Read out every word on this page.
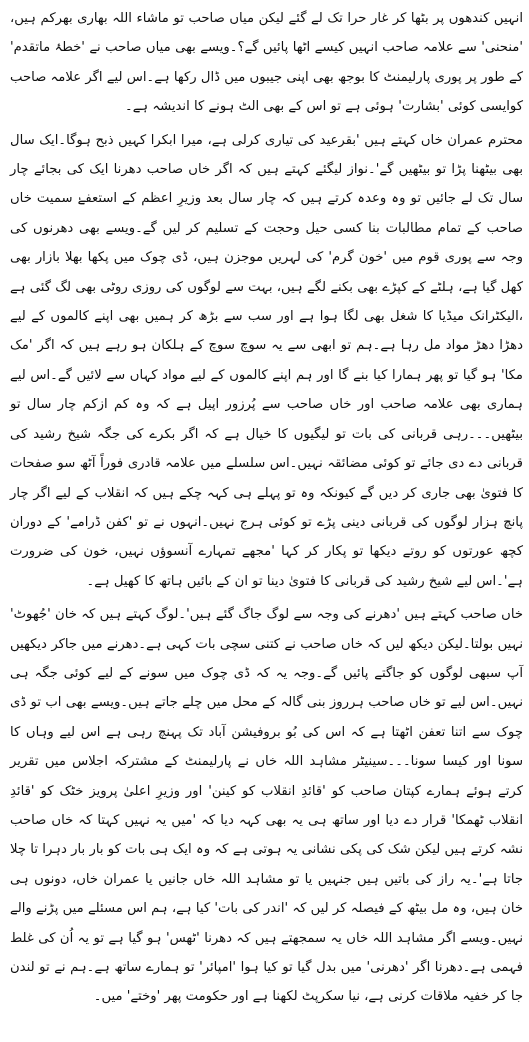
انہیں کندھوں پر بٹھا کر غار حرا تک لے گئے لیکن میاں صاحب تو ماشاء اللہ بھاری بھرکم ہیں، 'منحنی' سے علامہ صاحب انہیں کیسے اٹھا پائیں گے؟۔ویسے بھی میاں صاحب نے 'خطۂ ماتقدم' کے طور پر پوری پارلیمنٹ کا بوجھ بھی اپنی جیبوں میں ڈال رکھا ہے۔اس لیے اگر علامہ صاحب کوایسی کوئی 'بشارت' ہوئی ہے تو اس کے بھی الٹ ہونے کا اندیشہ ہے۔

محترم عمران خاں کہتے ہیں 'بقرعید کی تیاری کرلی ہے، میرا ابکرا کہیں ذبح ہوگا۔ایک سال بھی بیٹھنا پڑا تو بیٹھیں گے'۔نواز لیگئے کہتے ہیں کہ اگر خاں صاحب دھرنا ایک کی بجائے چار سال تک لے جائیں تو وہ وعدہ کرتے ہیں کہ چار سال بعد وزیرِ اعظم کے استعفےٰ سمیت خاں صاحب کے تمام مطالبات بنا کسی حیل وحجت کے تسلیم کر لیں گے۔ویسے بھی دھرنوں کی وجہ سے پوری قوم میں 'خون گرم' کی لہریں موجزن ہیں، ڈی چوک میں پکھا بھلا بازار بھی کھل گیا ہے، ہلٹے کے کپڑے بھی بکنے لگے ہیں، بہت سے لوگوں کی روزی روٹی بھی لگ گئی ہے ،الیکٹرانک میڈیا کا شغل بھی لگا ہوا ہے اور سب سے بڑھ کر ہمیں بھی اپنے کالموں کے لیے دھڑا دھڑ مواد مل رہا ہے۔ہم تو ابھی سے یہ سوچ سوچ کے ہلکان ہو رہے ہیں کہ اگر 'مک مکا' ہو گیا تو پھر ہمارا کیا بنے گا اور ہم اپنے کالموں کے لیے مواد کہاں سے لائیں گے۔اس لیے ہماری بھی علامہ صاحب اور خاں صاحب سے پُرزور اپیل ہے کہ وہ کم ازکم چار سال تو بیٹھیں۔۔۔رہی قربانی کی بات تو لیگیوں کا خیال ہے کہ اگر بکرے کی جگہ شیخ رشید کی قربانی دے دی جائے تو کوئی مضائقہ نہیں۔اس سلسلے میں علامہ قادری فوراً آٹھ سو صفحات کا فتویٰ بھی جاری کر دیں گے کیونکہ وہ تو پہلے ہی کہہ چکے ہیں کہ انقلاب کے لیے اگر چار پانچ ہزار لوگوں کی قربانی دینی پڑے تو کوئی ہرج نہیں۔انہوں نے تو 'کفن ڈرامے' کے دوران کچھ عورتوں کو روتے دیکھا تو پکار کر کہا 'مجھے تمہارے آنسوؤں نہیں، خون کی ضرورت ہے'۔اس لیے شیخ رشید کی قربانی کا فتویٰ دینا تو ان کے بائیں ہاتھ کا کھیل ہے۔

خاں صاحب کہتے ہیں 'دھرنے کی وجہ سے لوگ جاگ گئے ہیں'۔لوگ کہتے ہیں کہ خان 'جُھوٹ' نہیں بولتا۔لیکن دیکھ لیں کہ خاں صاحب نے کتنی سچی بات کہی ہے۔دھرنے میں جاکر دیکھیں آپ سبھی لوگوں کو جاگتے پائیں گے۔وجہ یہ کہ ڈی چوک میں سونے کے لیے کوئی جگہ ہی نہیں۔اس لیے تو خاں صاحب ہرروز بنی گالہ کے محل میں چلے جاتے ہیں۔ویسے بھی اب تو ڈی چوک سے اتنا تعفن اٹھتا ہے کہ اس کی بُو بروفیشن آباد تک پہنچ رہی ہے اس لیے وہاں کا سونا اور کیسا سونا۔۔۔سینیٹر مشاہد اللہ خاں نے پارلیمنٹ کے مشترکہ اجلاس میں تقریر کرتے ہوئے ہمارے کپتان صاحب کو 'قائدِ انقلاب کو کینن' اور وزیرِ اعلیٰ پرویز خٹک کو 'قائدِ انقلاب ٹھمکا' قرار دے دیا اور ساتھ ہی یہ بھی کہہ دیا کہ 'میں یہ نہیں کہتا کہ خاں صاحب نشہ کرتے ہیں لیکن شک کی پکی نشانی یہ ہوتی ہے کہ وہ ایک ہی بات کو بار بار دہرا تا چلا جاتا ہے'۔یہ راز کی باتیں ہیں جنہیں یا تو مشاہد اللہ خاں جانیں یا عمران خاں، دونوں ہی خان ہیں، وہ مل بیٹھ کے فیصلہ کر لیں کہ 'اندر کی بات' کیا ہے، ہم اس مسئلے میں پڑنے والے نہیں۔ویسے اگر مشاہد اللہ خاں یہ سمجھتے ہیں کہ دھرنا 'ٹھس' ہو گیا ہے تو یہ اُن کی غلط فہمی ہے۔دھرنا اگر 'دھرنی' میں بدل گیا تو کیا ہوا 'امپائر' تو ہمارے ساتھ ہے۔ہم نے تو لندن جا کر خفیہ ملاقات کرنی ہے، نیا سکرپٹ لکھنا ہے اور حکومت پھر 'وختے' میں۔
